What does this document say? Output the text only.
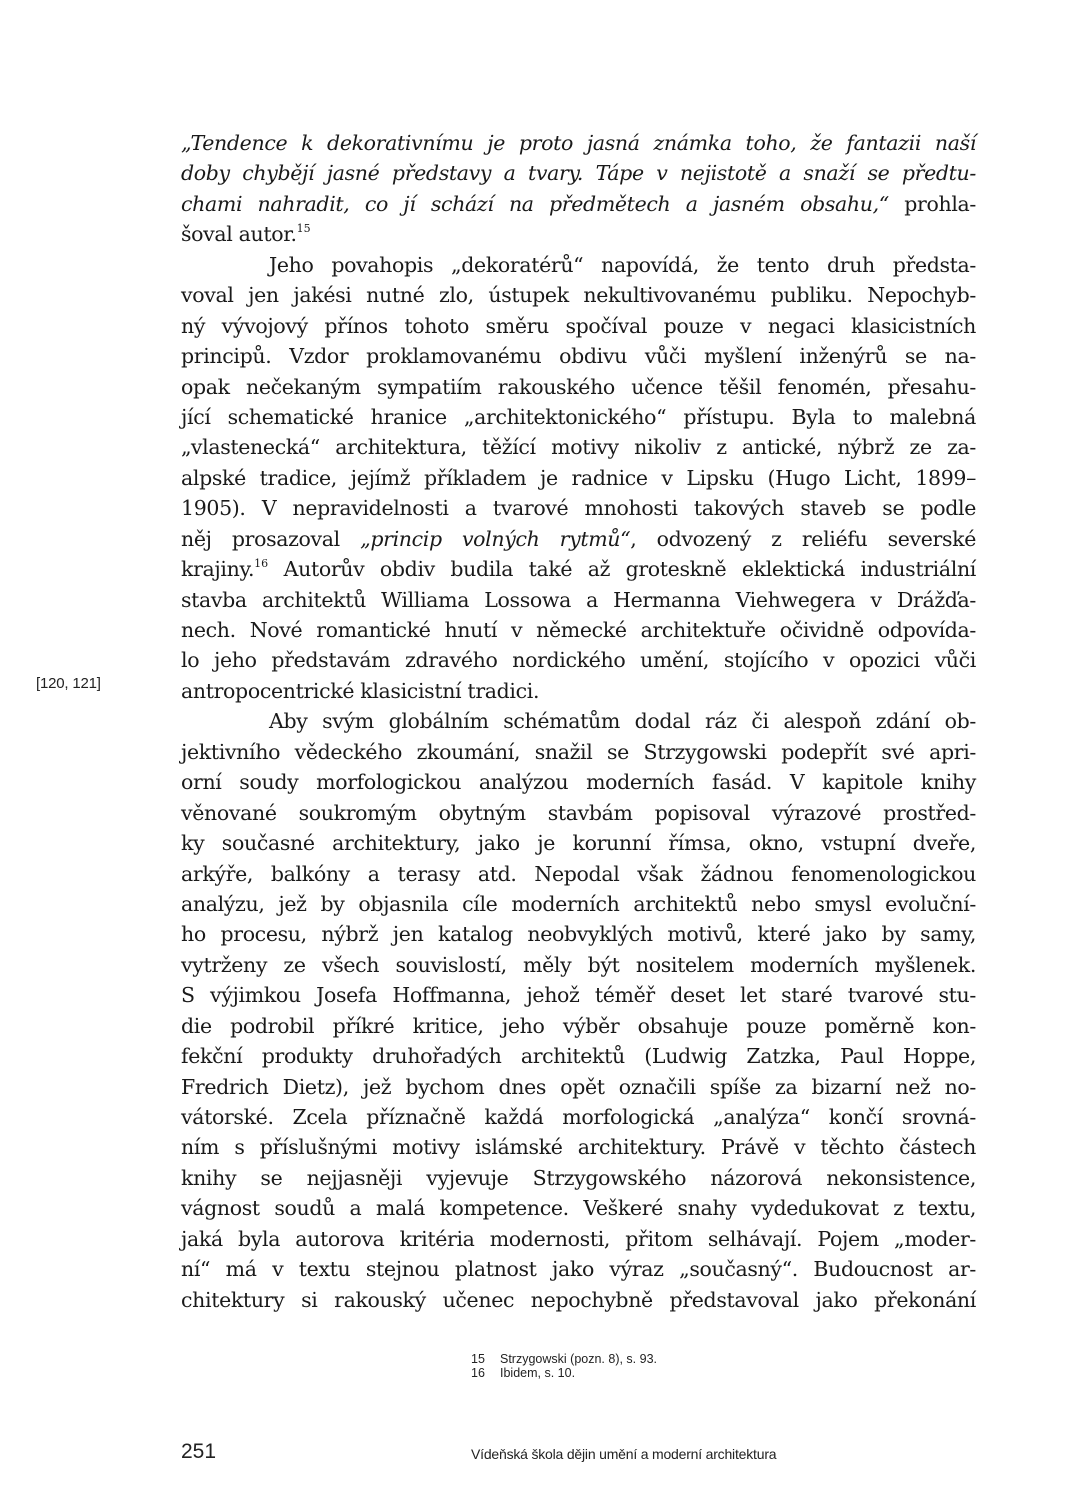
„Tendence k dekorativnímu je proto jasná známka toho, že fantazii naší
doby chybějí jasné představy a tvary. Tápe v nejistotě a snaží se předtu-
chami nahradit, co jí schází na předmětech a jasném obsahu,“ prohla-
šoval autor.$^{15}$
Jeho povahopis „dekoratérů“ napovídá, že tento druh předsta-
voval jen jakési nutné zlo, ústupek nekultivovanému publiku. Nepochyb-
ný vývojový přínos tohoto směru spočíval pouze v negaci klasicistních
principů. Vzdor proklamovanému obdivu vůči myšlení inženýrů se na-
opak nečekaným sympatiím rakouského učence těšil fenomén, přesahu-
jící schematické hranice „architektonického“ přístupu. Byla to malebná
„vlastenecká“ architektura, těžící motivy nikoliv z antické, nýbrž ze za-
alpské tradice, jejímž příkladem je radnice v Lipsku (Hugo Licht, 1899–
1905). V nepravidelnosti a tvarové mnohosti takových staveb se podle
něj prosazoval „princip volných rytmů“, odvozený z reliéfu severské
krajiny.$^{16}$ Autorův obdiv budila také až groteskně eklektická industriální
stavba architektů Williama Lossowa a Hermanna Viehwegera v Drážďa-
nech. Nové romantické hnutí v německé architektuře očividně odpovída-
lo jeho představám zdravého nordického umění, stojícího v opozici vůči
antropocentrické klasicistní tradici.
Aby svým globálním schématům dodal ráz či alespoň zdání ob-
jektivního vědeckého zkoumání, snažil se Strzygowski podepřít své apri-
orní soudy morfologickou analýzou moderních fasád. V kapitole knihy
věnované soukromým obytným stavbám popisoval výrazové prostřed-
ky současné architektury, jako je korunní římsa, okno, vstupní dveře,
arkýře, balkóny a terasy atd. Nepodal však žádnou fenomenologickou
analýzu, jež by objasnila cíle moderních architektů nebo smysl evoluční-
ho procesu, nýbrž jen katalog neobvyklých motivů, které jako by samy,
vytrženy ze všech souvislostí, měly být nositelem moderních myšlenek.
S výjimkou Josefa Hoffmanna, jehož téměř deset let staré tvarové stu-
die podrobil příkré kritice, jeho výběr obsahuje pouze poměrně kon-
fekční produkty druhořadých architektů (Ludwig Zatzka, Paul Hoppe,
Fredrich Dietz), jež bychom dnes opět označili spíše za bizarní než no-
vátorské. Zcela příznačně každá morfologická „analýza“ končí srovná-
ním s příslušnými motivy islámské architektury. Právě v těchto částech
knihy se nejjasněji vyjevuje Strzygowského názorová nekonsistence,
vágnost soudů a malá kompetence. Veškeré snahy vydedukovat z textu,
jaká byla autorova kritéria modernosti, přitom selhávají. Pojem „moder-
ní“ má v textu stejnou platnost jako výraz „současný“. Budoucnost ar-
chitektury si rakouský učenec nepochybně představoval jako překonání
[120, 121]
15	Strzygowski (pozn. 8), s. 93.
16	Ibidem, s. 10.
251	Vídeňská škola dějin umění a moderní architektura
